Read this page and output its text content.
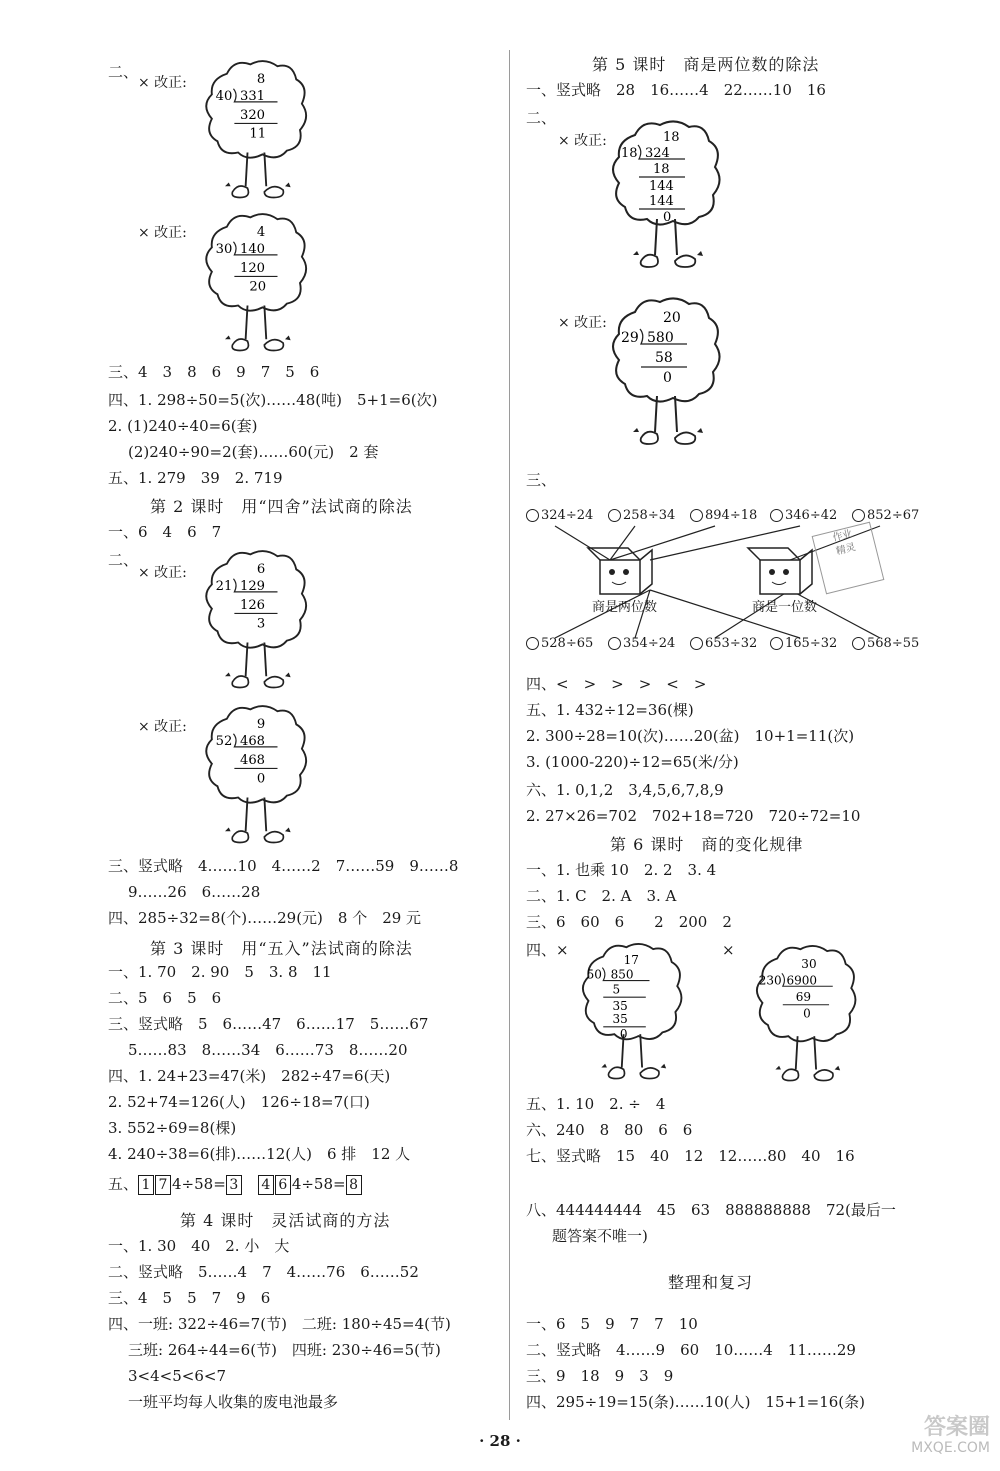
二、
× 改正:	8
40 331
320
11
× 改正:	4
30 140
120
20
三、4　3　8　6　9　7　5　6
四、1. 298÷50=5(次)……48(吨)　5+1=6(次)
2. (1)240÷40=6(套)
(2)240÷90=2(套)……60(元)　2 套
五、1. 279　39　2. 719
第 2 课时　用“四舍”法试商的除法
一、6　4　6　7
二、
× 改正:	6
21 129
126
3
× 改正:	9
52 468
468
0
三、竖式略　4……10　4……2　7……59　9……8
9……26　6……28
四、285÷32=8(个)……29(元)　8 个　29 元
第 3 课时　用“五入”法试商的除法
一、1. 70　2. 90　5　3. 8　11
二、5　6　5　6
三、竖式略　5　6……47　6……17　5……67
5……83　8……34　6……73　8……20
四、1. 24+23=47(米)　282÷47=6(天)
2. 52+74=126(人)　126÷18=7(口)
3. 552÷69=8(棵)
4. 240÷38=6(排)……12(人)　6 排　12 人
五、 1 7 4÷58= 3　 4 6 4÷58= 8
第 4 课时　灵活试商的方法
一、1. 30　40　2. 小　大
二、竖式略　5……4　7　4……76　6……52
三、4　5　5　7　9　6
四、一班: 322÷46=7(节)　二班: 180÷45=4(节)
三班: 264÷44=6(节)　四班: 230÷46=5(节)
3<4<5<6<7
一班平均每人收集的废电池最多
第 5 课时　商是两位数的除法
一、竖式略　28　16……4　22……10　16
二、
× 改正:	18
18 324
18
144
144
0
× 改正:	20
29 580
58
0
三、
324÷24	258÷34	894÷18	346÷42	852÷67
商是两位数	商是一位数
作业
精灵
528÷65	354÷24	653÷32	165÷32	568÷55
四、<　>　>　>　<　>
五、1. 432÷12=36(棵)
2. 300÷28=10(次)……20(盆)　10+1=11(次)
3. (1000-220)÷12=65(米/分)
六、1. 0,1,2　3,4,5,6,7,8,9
2. 27×26=702　702+18=720　720÷72=10
第 6 课时　商的变化规律
一、1. 也乘 10　2. 2　3. 4
二、1. C　2. A　3. A
三、6　60　6　　2　200　2
四、×	×
17
50 850
5
35
35
0
30
230 6900
69
0
五、1. 10　2. ÷　4
六、240　8　80　6　6
七、竖式略　15　40　12　12……80　40　16
八、444444444　45　63　888888888　72(最后一
题答案不唯一)
整理和复习
一、6　5　9　7　7　10
二、竖式略　4……9　60　10……4　11……29
三、9　18　9　3　9
四、295÷19=15(条)……10(人)　15+1=16(条)
· 28 ·
答案圈
MXQE.COM
